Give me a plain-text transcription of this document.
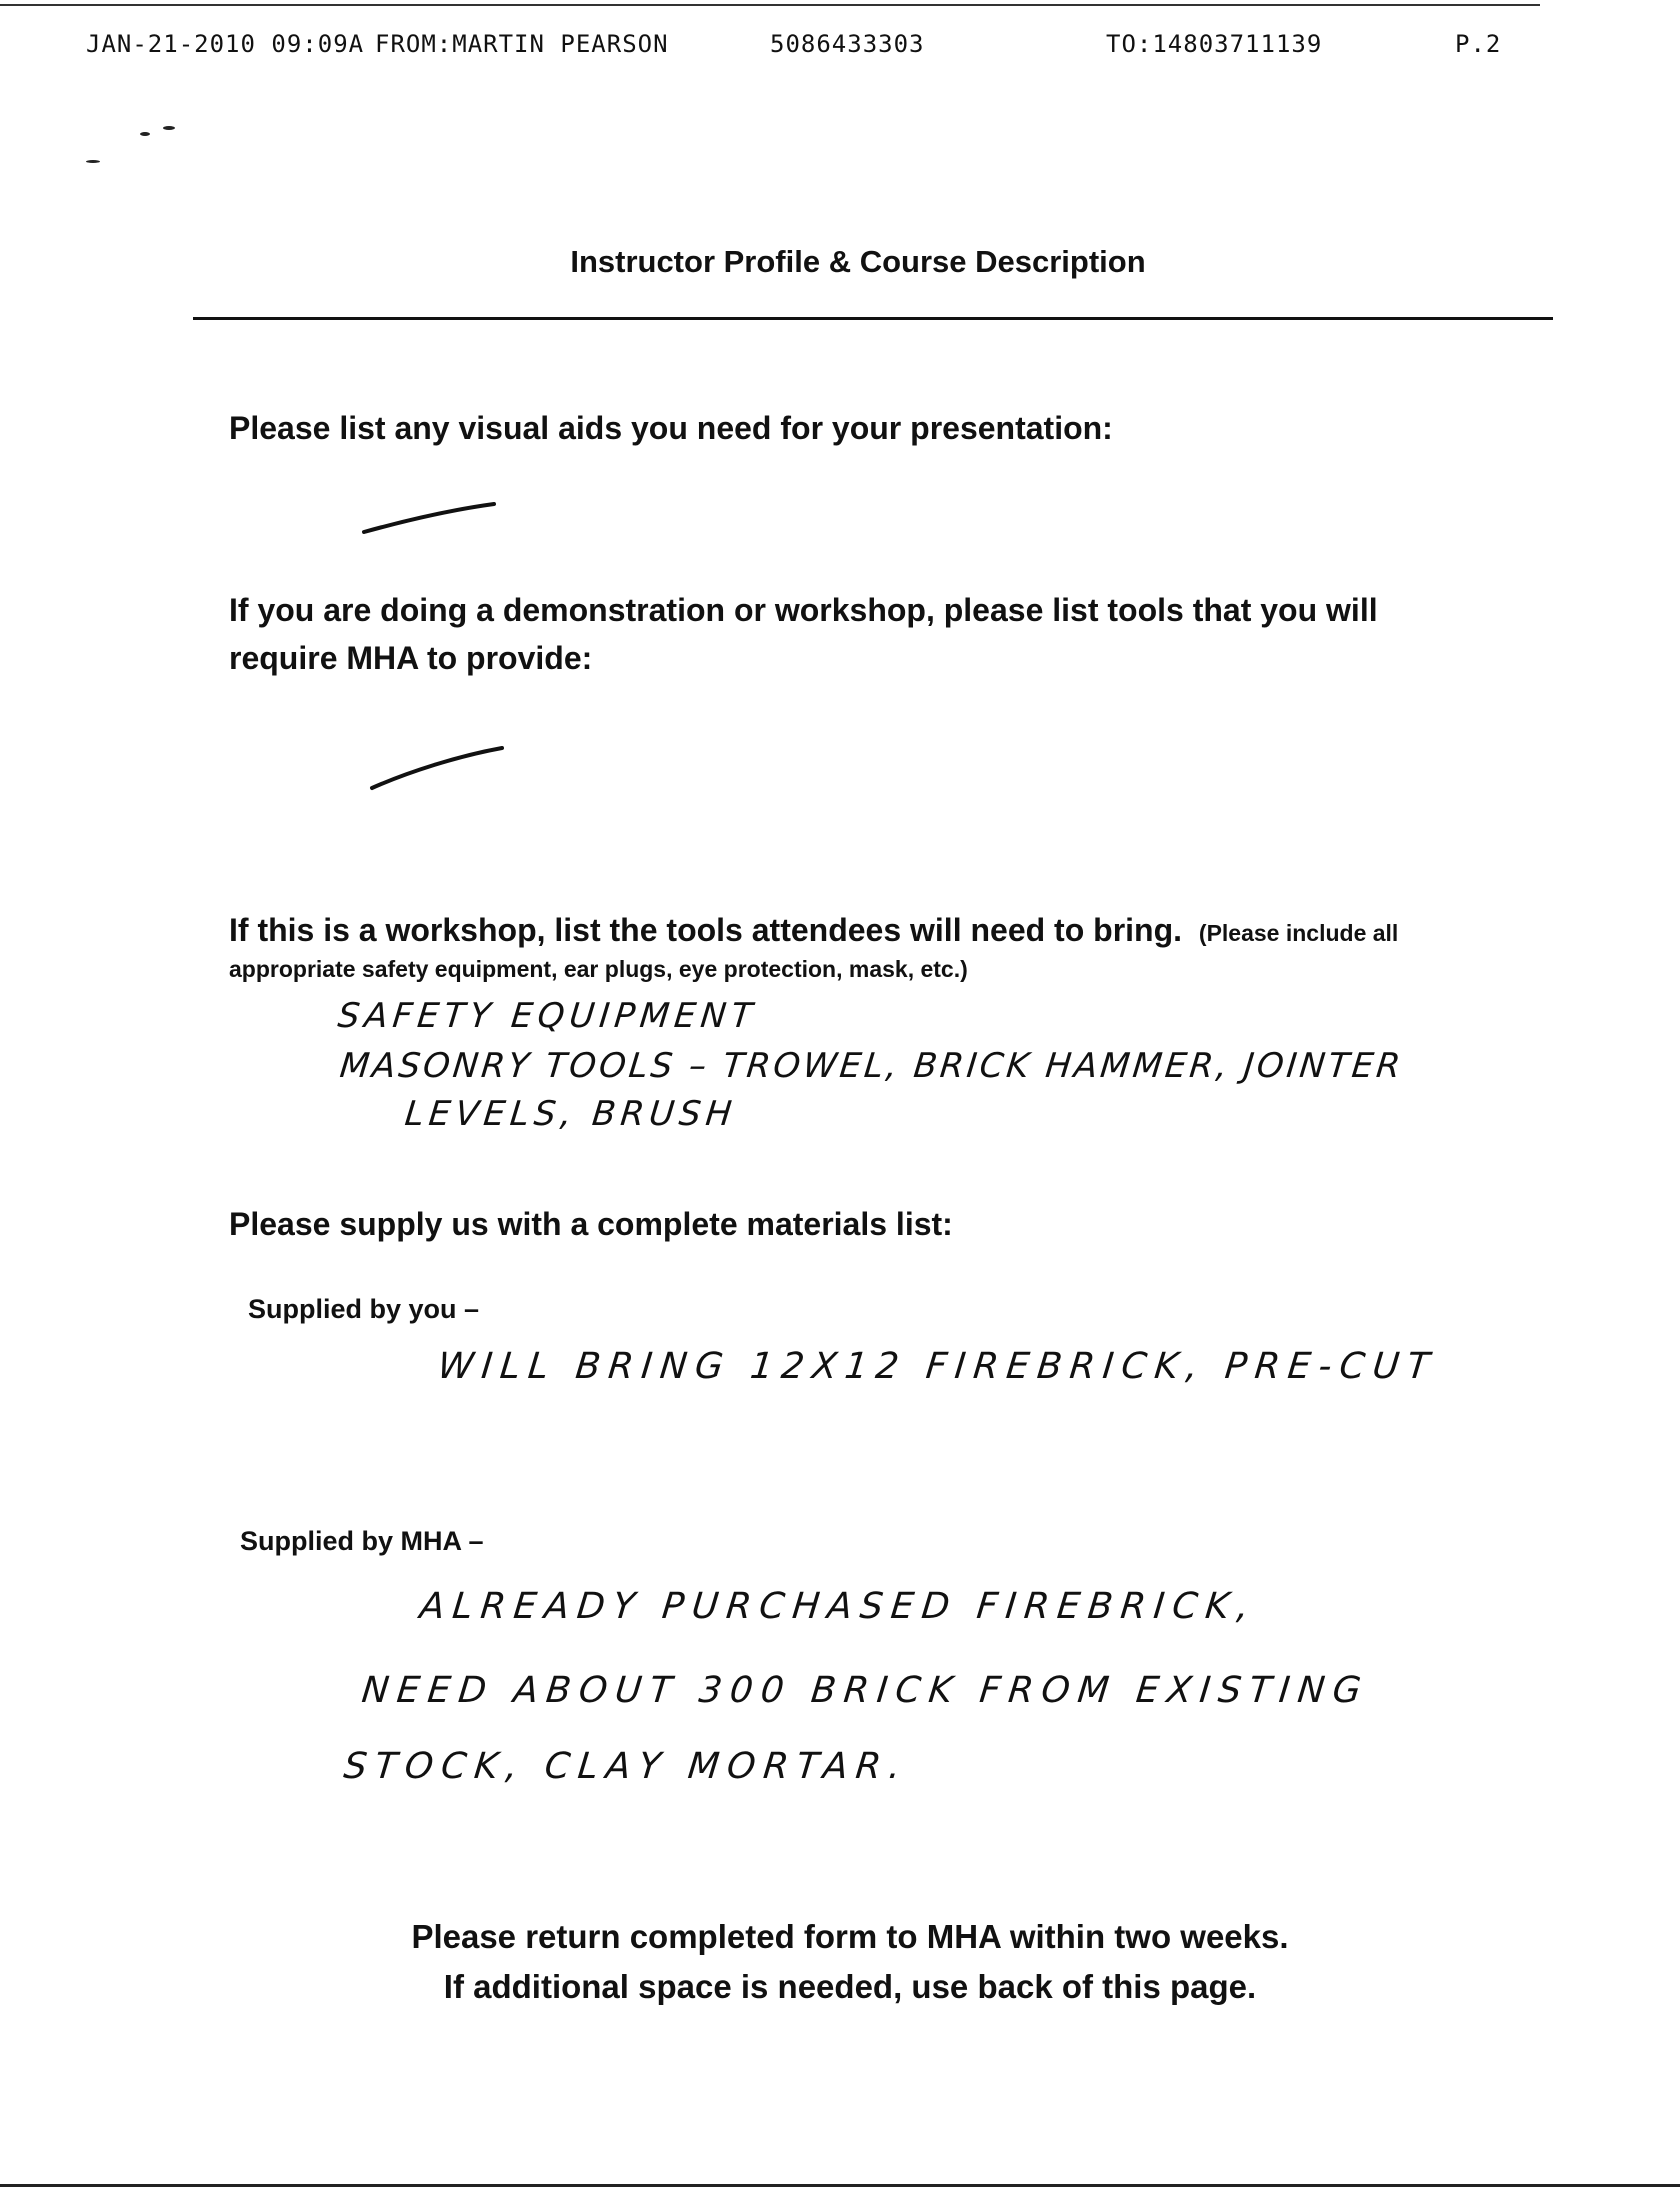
JAN-21-2010 09:09A FROM:MARTIN PEARSON	5086433303	TO:14803711139	P.2
Instructor Profile & Course Description
Please list any visual aids you need for your presentation:
If you are doing a demonstration or workshop, please list tools that you will
require MHA to provide:
If this is a workshop, list the tools attendees will need to bring. (Please include all
appropriate safety equipment, ear plugs, eye protection, mask, etc.)
SAFETY EQUIPMENT
MASONRY TOOLS – TROWEL, BRICK HAMMER, JOINTER
LEVELS, BRUSH
Please supply us with a complete materials list:
Supplied by you –
WILL BRING 12X12 FIREBRICK, PRE-CUT
Supplied by MHA –
ALREADY PURCHASED FIREBRICK,
NEED ABOUT 300 BRICK FROM EXISTING
STOCK, CLAY MORTAR.
Please return completed form to MHA within two weeks.
If additional space is needed, use back of this page.
